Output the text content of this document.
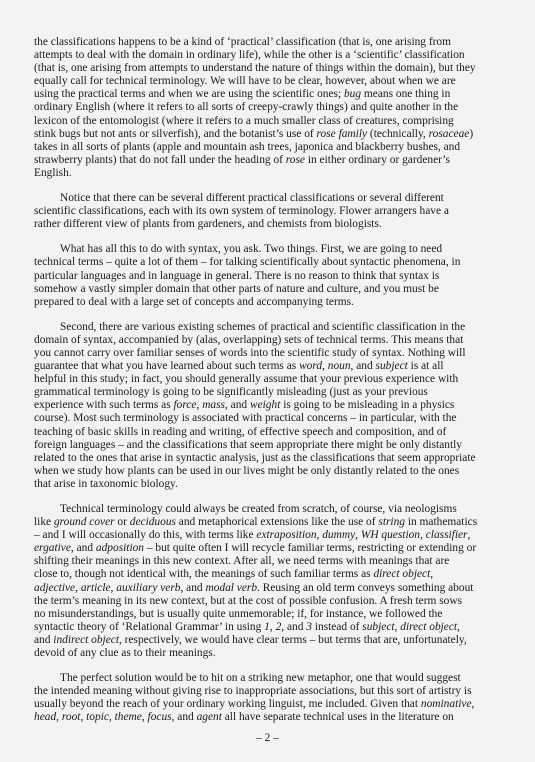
the classifications happens to be a kind of ‘practical’ classification (that is, one arising from
attempts to deal with the domain in ordinary life), while the other is a ‘scientific’ classification
(that is, one arising from attempts to understand the nature of things within the domain), but they
equally call for technical terminology. We will have to be clear, however, about when we are
using the practical terms and when we are using the scientific ones; bug means one thing in
ordinary English (where it refers to all sorts of creepy-crawly things) and quite another in the
lexicon of the entomologist (where it refers to a much smaller class of creatures, comprising
stink bugs but not ants or silverfish), and the botanist’s use of rose family (technically, rosaceae)
takes in all sorts of plants (apple and mountain ash trees, japonica and blackberry bushes, and
strawberry plants) that do not fall under the heading of rose in either ordinary or gardener’s
English.
Notice that there can be several different practical classifications or several different
scientific classifications, each with its own system of terminology. Flower arrangers have a
rather different view of plants from gardeners, and chemists from biologists.
What has all this to do with syntax, you ask. Two things. First, we are going to need
technical terms – quite a lot of them – for talking scientifically about syntactic phenomena, in
particular languages and in language in general. There is no reason to think that syntax is
somehow a vastly simpler domain that other parts of nature and culture, and you must be
prepared to deal with a large set of concepts and accompanying terms.
Second, there are various existing schemes of practical and scientific classification in the
domain of syntax, accompanied by (alas, overlapping) sets of technical terms. This means that
you cannot carry over familiar senses of words into the scientific study of syntax. Nothing will
guarantee that what you have learned about such terms as word, noun, and subject is at all
helpful in this study; in fact, you should generally assume that your previous experience with
grammatical terminology is going to be significantly misleading (just as your previous
experience with such terms as force, mass, and weight is going to be misleading in a physics
course). Most such terminology is associated with practical concerns – in particular, with the
teaching of basic skills in reading and writing, of effective speech and composition, and of
foreign languages – and the classifications that seem appropriate there might be only distantly
related to the ones that arise in syntactic analysis, just as the classifications that seem appropriate
when we study how plants can be used in our lives might be only distantly related to the ones
that arise in taxonomic biology.
Technical terminology could always be created from scratch, of course, via neologisms
like ground cover or deciduous and metaphorical extensions like the use of string in mathematics
– and I will occasionally do this, with terms like extraposition, dummy, WH question, classifier,
ergative, and adposition – but quite often I will recycle familiar terms, restricting or extending or
shifting their meanings in this new context. After all, we need terms with meanings that are
close to, though not identical with, the meanings of such familiar terms as direct object,
adjective, article, auxiliary verb, and modal verb. Reusing an old term conveys something about
the term’s meaning in its new context, but at the cost of possible confusion. A fresh term sows
no misunderstandings, but is usually quite unmemorable; if, for instance, we followed the
syntactic theory of ‘Relational Grammar’ in using 1, 2, and 3 instead of subject, direct object,
and indirect object, respectively, we would have clear terms – but terms that are, unfortunately,
devoid of any clue as to their meanings.
The perfect solution would be to hit on a striking new metaphor, one that would suggest
the intended meaning without giving rise to inappropriate associations, but this sort of artistry is
usually beyond the reach of your ordinary working linguist, me included. Given that nominative,
head, root, topic, theme, focus, and agent all have separate technical uses in the literature on
– 2 –
